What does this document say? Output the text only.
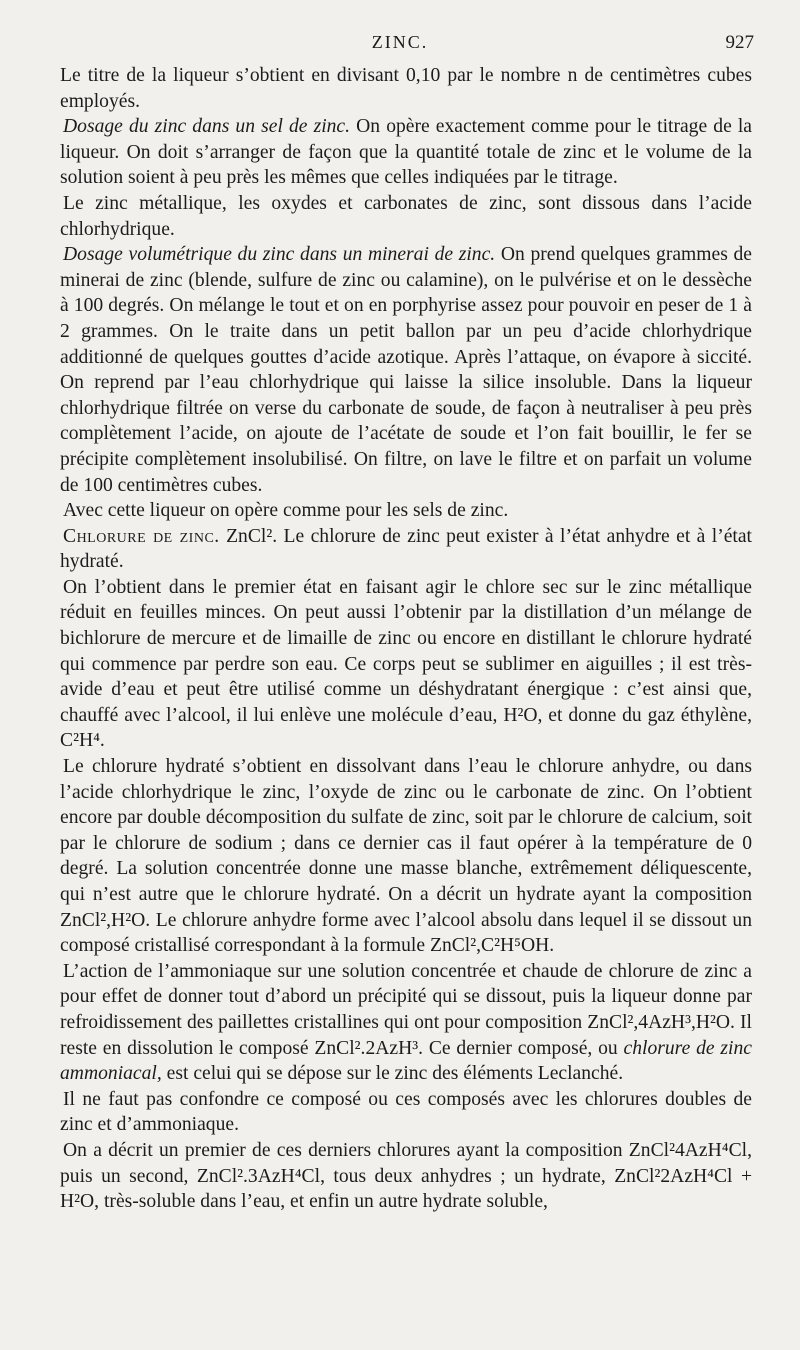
ZINC.	927

Le titre de la liqueur s’obtient en divisant 0,10 par le nombre n de centimètres cubes employés.

Dosage du zinc dans un sel de zinc. On opère exactement comme pour le titrage de la liqueur. On doit s’arranger de façon que la quantité totale de zinc et le volume de la solution soient à peu près les mêmes que celles indiquées par le titrage.

Le zinc métallique, les oxydes et carbonates de zinc, sont dissous dans l’acide chlorhydrique.

Dosage volumétrique du zinc dans un minerai de zinc. On prend quelques grammes de minerai de zinc (blende, sulfure de zinc ou calamine), on le pulvérise et on le dessèche à 100 degrés. On mélange le tout et on en porphyrise assez pour pouvoir en peser de 1 à 2 grammes. On le traite dans un petit ballon par un peu d’acide chlorhydrique additionné de quelques gouttes d’acide azotique. Après l’attaque, on évapore à siccité. On reprend par l’eau chlorhydrique qui laisse la silice insoluble. Dans la liqueur chlorhydrique filtrée on verse du carbonate de soude, de façon à neutraliser à peu près complètement l’acide, on ajoute de l’acétate de soude et l’on fait bouillir, le fer se précipite complètement insolubilisé. On filtre, on lave le filtre et on parfait un volume de 100 centimètres cubes.

Avec cette liqueur on opère comme pour les sels de zinc.

Chlorure de zinc. ZnCl². Le chlorure de zinc peut exister à l’état anhydre et à l’état hydraté.

On l’obtient dans le premier état en faisant agir le chlore sec sur le zinc métallique réduit en feuilles minces. On peut aussi l’obtenir par la distillation d’un mélange de bichlorure de mercure et de limaille de zinc ou encore en distillant le chlorure hydraté qui commence par perdre son eau. Ce corps peut se sublimer en aiguilles ; il est très-avide d’eau et peut être utilisé comme un déshydratant énergique : c’est ainsi que, chauffé avec l’alcool, il lui enlève une molécule d’eau, H²O, et donne du gaz éthylène, C²H⁴.

Le chlorure hydraté s’obtient en dissolvant dans l’eau le chlorure anhydre, ou dans l’acide chlorhydrique le zinc, l’oxyde de zinc ou le carbonate de zinc. On l’obtient encore par double décomposition du sulfate de zinc, soit par le chlorure de calcium, soit par le chlorure de sodium ; dans ce dernier cas il faut opérer à la température de 0 degré. La solution concentrée donne une masse blanche, extrêmement déliquescente, qui n’est autre que le chlorure hydraté. On a décrit un hydrate ayant la composition ZnCl²,H²O. Le chlorure anhydre forme avec l’alcool absolu dans lequel il se dissout un composé cristallisé correspondant à la formule ZnCl²,C²H⁵OH.

L’action de l’ammoniaque sur une solution concentrée et chaude de chlorure de zinc a pour effet de donner tout d’abord un précipité qui se dissout, puis la liqueur donne par refroidissement des paillettes cristallines qui ont pour composition ZnCl²,4AzH³,H²O. Il reste en dissolution le composé ZnCl².2AzH³. Ce dernier composé, ou chlorure de zinc ammoniacal, est celui qui se dépose sur le zinc des éléments Leclanché.

Il ne faut pas confondre ce composé ou ces composés avec les chlorures doubles de zinc et d’ammoniaque.

On a décrit un premier de ces derniers chlorures ayant la composition ZnCl²4AzH⁴Cl, puis un second, ZnCl².3AzH⁴Cl, tous deux anhydres ; un hydrate, ZnCl²2AzH⁴Cl + H²O, très-soluble dans l’eau, et enfin un autre hydrate soluble,
